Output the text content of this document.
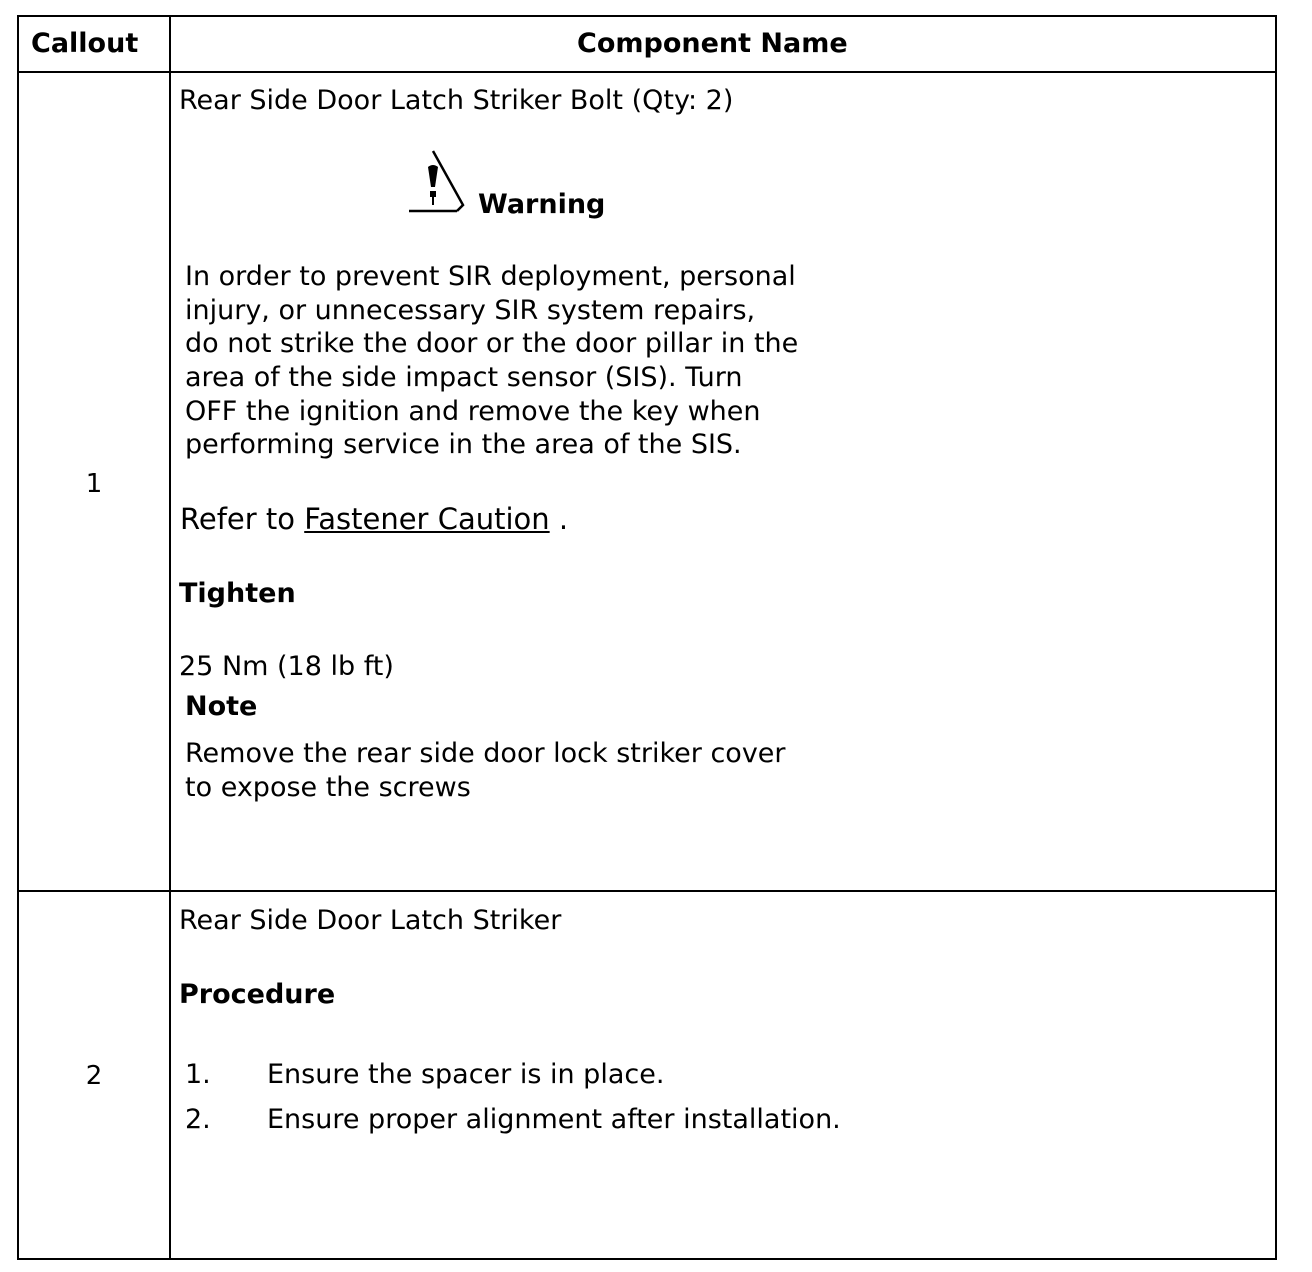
Callout	Component Name
1
Rear Side Door Latch Striker Bolt (Qty: 2)
Warning
In order to prevent SIR deployment, personal
injury, or unnecessary SIR system repairs,
do not strike the door or the door pillar in the
area of the side impact sensor (SIS). Turn
OFF the ignition and remove the key when
performing service in the area of the SIS.
Refer to Fastener Caution .
Tighten
25 Nm (18 lb ft)
Note
Remove the rear side door lock striker cover
to expose the screws
2
Rear Side Door Latch Striker
Procedure
1. Ensure the spacer is in place.
2. Ensure proper alignment after installation.
